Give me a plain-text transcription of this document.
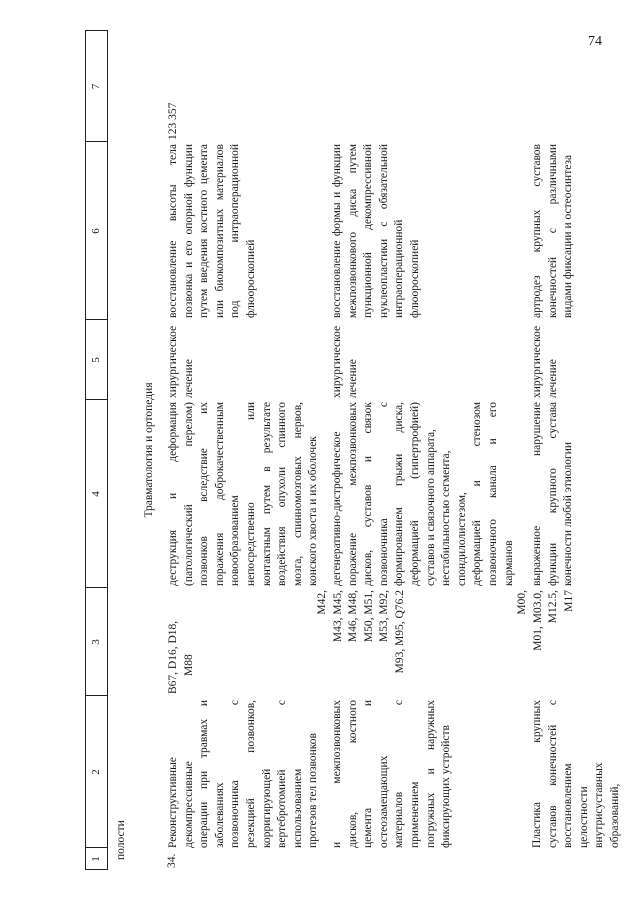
74
1
2
3
4
5
6
7
полости
Травматология и ортопедия
34.
Реконструктивные декомпрессивные операции при травмах и заболеваниях позвоночника с резекцией позвонков, корригирующей вертебротомией с использованием протезов тел позвонков
В67, D16, D18, M88
деструкция и деформация (патологический перелом) позвонков вследствие их поражения доброкачественным новообразованием непосредственно или контактным путем в результате воздействия опухоли спинного мозга, спинномозговых нервов, конского хвоста и их оболочек
хирургическое лечение
восстановление высоты тела позвонка и его опорной функции путем введения костного цемента или биокомпозитных материалов под интраоперационной флюороскопией
123 357
и межпозвонковых дисков, костного цемента и остеозамещающих материалов с применением погружных и наружных фиксирующих устройств
M42, M43, M45, M46, M48, M50, M51, M53, M92, M93, M95, Q76.2
дегенеративно-дистрофическое поражение межпозвонковых дисков, суставов и связок позвоночника с формированием грыжи диска, деформацией (гипертрофией) суставов и связочного аппарата, нестабильностью сегмента, спондилолистезом, деформацией и стенозом позвоночного канала и его карманов
хирургическое лечение
восстановление формы и функции межпозвонкового диска путем пункционной декомпрессивной нуклеопластики с обязательной интраоперационной флюороскопией
Пластика крупных суставов конечностей с восстановлением целостности внутрисуставных образований,
M00, M01, M03.0, M12.5, M17
выраженное нарушение функции крупного сустава конечности любой этиологии
хирургическое лечение
артродез крупных суставов конечностей с различными видами фиксации и остеосинтеза
